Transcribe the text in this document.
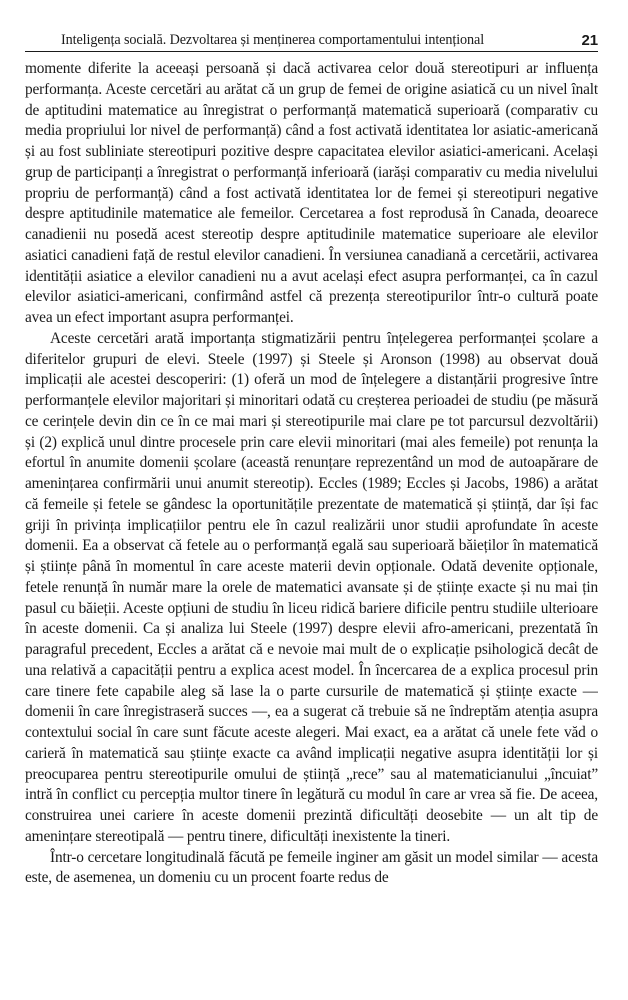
Inteligența socială. Dezvoltarea și menținerea comportamentului intențional	21

momente diferite la aceeași persoană și dacă activarea celor două stereotipuri ar influența performanța. Aceste cercetări au arătat că un grup de femei de origine asiatică cu un nivel înalt de aptitudini matematice au înregistrat o performanță matematică superioară (comparativ cu media propriului lor nivel de performanță) când a fost activată identitatea lor asiatic-americană și au fost subliniate stereotipuri pozitive despre capacitatea elevilor asiatici-americani. Același grup de participanți a înregistrat o performanță inferioară (iarăși comparativ cu media nivelului propriu de performanță) când a fost activată identitatea lor de femei și stereotipuri negative despre aptitudinile matematice ale femeilor. Cercetarea a fost reprodusă în Canada, deoarece canadienii nu posedă acest stereotip despre aptitudinile matematice superioare ale elevilor asiatici canadieni față de restul elevilor canadieni. În versiunea canadiană a cercetării, activarea identității asiatice a elevilor canadieni nu a avut același efect asupra performanței, ca în cazul elevilor asiatici-americani, confirmând astfel că prezența stereotipurilor într-o cultură poate avea un efect important asupra performanței.

Aceste cercetări arată importanța stigmatizării pentru înțelegerea performanței școlare a diferitelor grupuri de elevi. Steele (1997) și Steele și Aronson (1998) au observat două implicații ale acestei descoperiri: (1) oferă un mod de înțelegere a distanțării progresive între performanțele elevilor majoritari și minoritari odată cu creșterea perioadei de studiu (pe măsură ce cerințele devin din ce în ce mai mari și stereotipurile mai clare pe tot parcursul dezvoltării) și (2) explică unul dintre procesele prin care elevii minoritari (mai ales femeile) pot renunța la efortul în anumite domenii școlare (această renunțare reprezentând un mod de autoapărare de amenințarea confirmării unui anumit stereotip). Eccles (1989; Eccles și Jacobs, 1986) a arătat că femeile și fetele se gândesc la oportunitățile prezentate de matematică și știință, dar își fac griji în privința implicațiilor pentru ele în cazul realizării unor studii aprofundate în aceste domenii. Ea a observat că fetele au o performanță egală sau superioară băieților în matematică și științe până în momentul în care aceste materii devin opționale. Odată devenite opționale, fetele renunță în număr mare la orele de matematici avansate și de științe exacte și nu mai țin pasul cu băieții. Aceste opțiuni de studiu în liceu ridică bariere dificile pentru studiile ulterioare în aceste domenii. Ca și analiza lui Steele (1997) despre elevii afro-americani, prezentată în paragraful precedent, Eccles a arătat că e nevoie mai mult de o explicație psihologică decât de una relativă a capacității pentru a explica acest model. În încercarea de a explica procesul prin care tinere fete capabile aleg să lase la o parte cursurile de matematică și științe exacte — domenii în care înregistraseră succes —, ea a sugerat că trebuie să ne îndreptăm atenția asupra contextului social în care sunt făcute aceste alegeri. Mai exact, ea a arătat că unele fete văd o carieră în matematică sau științe exacte ca având implicații negative asupra identității lor și preocuparea pentru stereotipurile omului de știință „rece” sau al matematicianului „încuiat” intră în conflict cu percepția multor tinere în legătură cu modul în care ar vrea să fie. De aceea, construirea unei cariere în aceste domenii prezintă dificultăți deosebite — un alt tip de amenințare stereotipală — pentru tinere, dificultăți inexistente la tineri.

Într-o cercetare longitudinală făcută pe femeile inginer am găsit un model similar — acesta este, de asemenea, un domeniu cu un procent foarte redus de
